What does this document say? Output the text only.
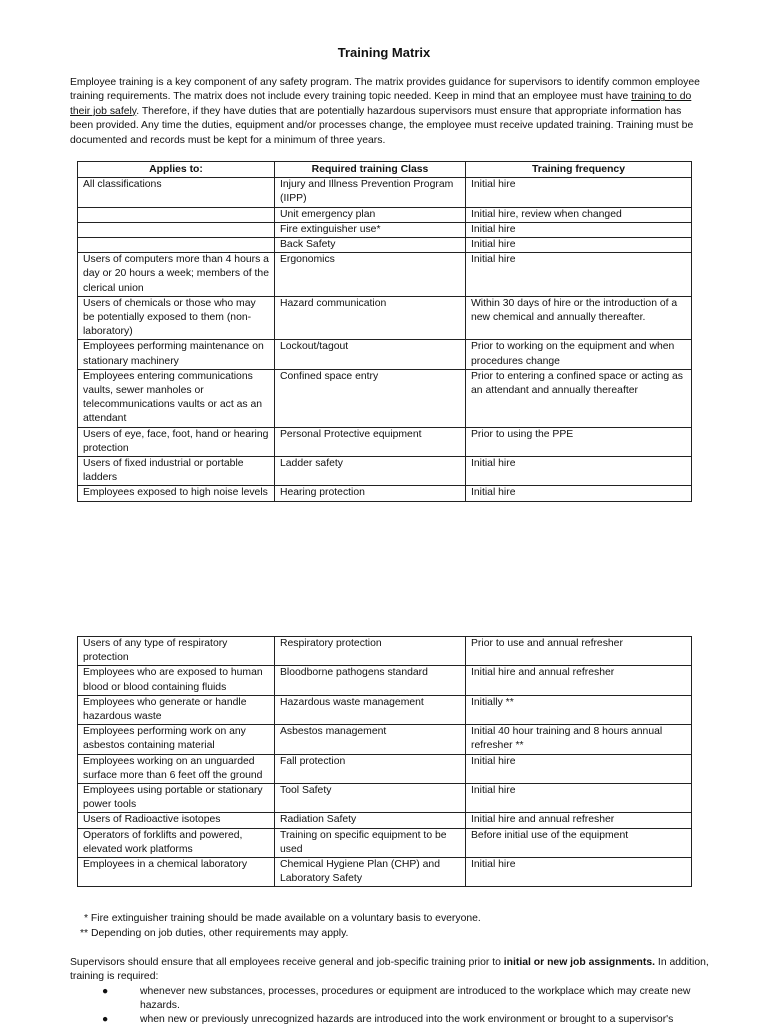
Training Matrix

Employee training is a key component of any safety program. The matrix provides guidance for supervisors to identify common employee training requirements. The matrix does not include every training topic needed. Keep in mind that an employee must have training to do their job safely. Therefore, if they have duties that are potentially hazardous supervisors must ensure that appropriate information has been provided. Any time the duties, equipment and/or processes change, the employee must receive updated training. Training must be documented and records must be kept for a minimum of three years.

Applies to:	Required training Class	Training frequency
All classifications	Injury and Illness Prevention Program (IIPP)	Initial hire
	Unit emergency plan	Initial hire, review when changed
	Fire extinguisher use*	Initial hire
	Back Safety	Initial hire
Users of computers more than 4 hours a day or 20 hours a week; members of the clerical union	Ergonomics	Initial hire
Users of chemicals or those who may be potentially exposed to them (non-laboratory)	Hazard communication	Within 30 days of hire or the introduction of a new chemical and annually thereafter.
Employees performing maintenance on stationary machinery	Lockout/tagout	Prior to working on the equipment and when procedures change
Employees entering communications vaults, sewer manholes or telecommunications vaults or act as an attendant	Confined space entry	Prior to entering a confined space or acting as an attendant and annually thereafter
Users of eye, face, foot, hand or hearing protection	Personal Protective equipment	Prior to using the PPE
Users of fixed industrial or portable ladders	Ladder safety	Initial hire
Employees exposed to high noise levels	Hearing protection	Initial hire
Users of any type of respiratory protection	Respiratory protection	Prior to use and annual refresher
Employees who are exposed to human blood or blood containing fluids	Bloodborne pathogens standard	Initial hire and annual refresher
Employees who generate or handle hazardous waste	Hazardous waste management	Initially **
Employees performing work on any asbestos containing material	Asbestos management	Initial 40 hour training and 8 hours annual refresher **
Employees working on an unguarded surface more than 6 feet off the ground	Fall protection	Initial hire
Employees using portable or stationary power tools	Tool Safety	Initial hire
Users of Radioactive isotopes	Radiation Safety	Initial hire and annual refresher
Operators of forklifts and powered, elevated work platforms	Training on specific equipment to be used	Before initial use of the equipment
Employees in a chemical laboratory	Chemical Hygiene Plan (CHP) and Laboratory Safety	Initial hire

* Fire extinguisher training should be made available on a voluntary basis to everyone.

** Depending on job duties, other requirements may apply.

Supervisors should ensure that all employees receive general and job-specific training prior to initial or new job assignments. In addition, training is required:

●	whenever new substances, processes, procedures or equipment are introduced to the workplace which may create new hazards.
●	when new or previously unrecognized hazards are introduced into the work environment or brought to a supervisor's
